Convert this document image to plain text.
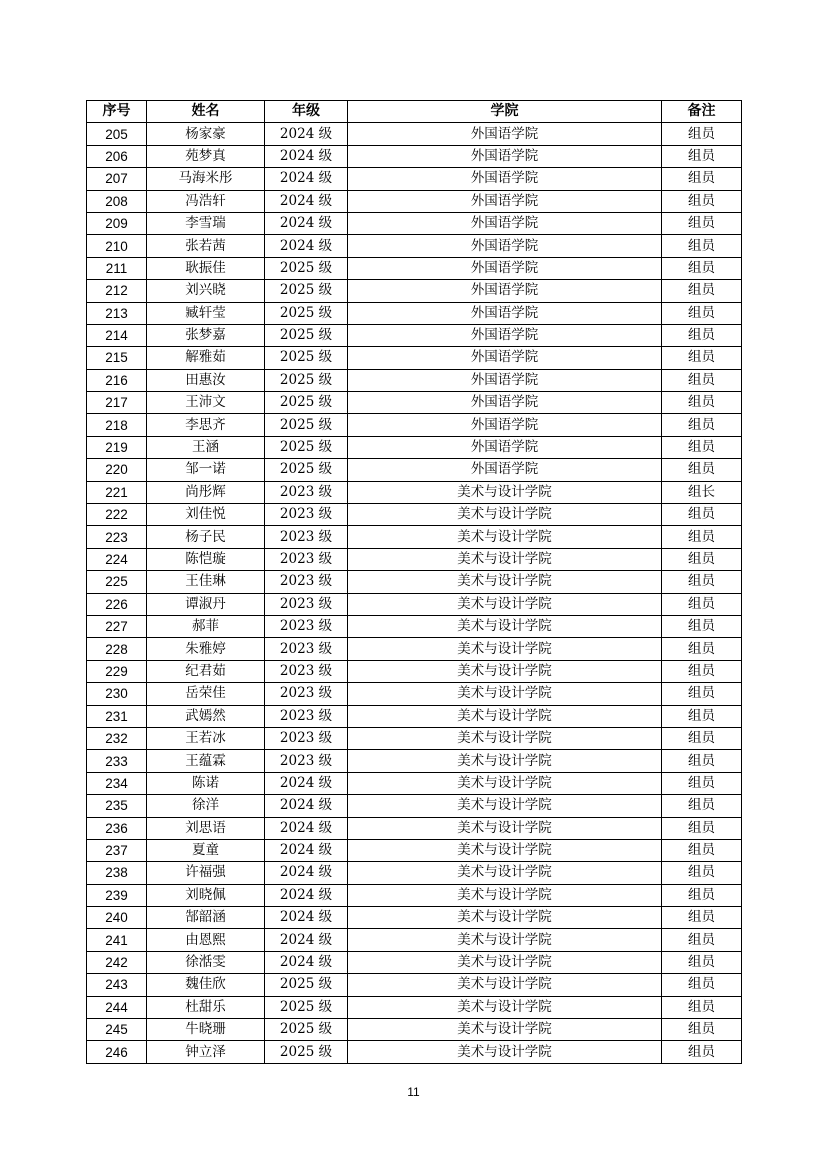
序号	姓名	年级	学院	备注
205	杨家豪	2024 级	外国语学院	组员
206	苑梦真	2024 级	外国语学院	组员
207	马海米彤	2024 级	外国语学院	组员
208	冯浩轩	2024 级	外国语学院	组员
209	李雪瑞	2024 级	外国语学院	组员
210	张若茜	2024 级	外国语学院	组员
211	耿振佳	2025 级	外国语学院	组员
212	刘兴晓	2025 级	外国语学院	组员
213	臧轩莹	2025 级	外国语学院	组员
214	张梦嘉	2025 级	外国语学院	组员
215	解雅茹	2025 级	外国语学院	组员
216	田惠汝	2025 级	外国语学院	组员
217	王沛文	2025 级	外国语学院	组员
218	李思齐	2025 级	外国语学院	组员
219	王涵	2025 级	外国语学院	组员
220	邹一诺	2025 级	外国语学院	组员
221	尚彤辉	2023 级	美术与设计学院	组长
222	刘佳悦	2023 级	美术与设计学院	组员
223	杨子民	2023 级	美术与设计学院	组员
224	陈恺璇	2023 级	美术与设计学院	组员
225	王佳琳	2023 级	美术与设计学院	组员
226	谭淑丹	2023 级	美术与设计学院	组员
227	郝菲	2023 级	美术与设计学院	组员
228	朱雅婷	2023 级	美术与设计学院	组员
229	纪君茹	2023 级	美术与设计学院	组员
230	岳荣佳	2023 级	美术与设计学院	组员
231	武嫣然	2023 级	美术与设计学院	组员
232	王若冰	2023 级	美术与设计学院	组员
233	王蕴霖	2023 级	美术与设计学院	组员
234	陈诺	2024 级	美术与设计学院	组员
235	徐洋	2024 级	美术与设计学院	组员
236	刘思语	2024 级	美术与设计学院	组员
237	夏童	2024 级	美术与设计学院	组员
238	许福强	2024 级	美术与设计学院	组员
239	刘晓佩	2024 级	美术与设计学院	组员
240	郜韶涵	2024 级	美术与设计学院	组员
241	由恩熙	2024 级	美术与设计学院	组员
242	徐湉雯	2024 级	美术与设计学院	组员
243	魏佳欣	2025 级	美术与设计学院	组员
244	杜甜乐	2025 级	美术与设计学院	组员
245	牛晓珊	2025 级	美术与设计学院	组员
246	钟立泽	2025 级	美术与设计学院	组员
11
